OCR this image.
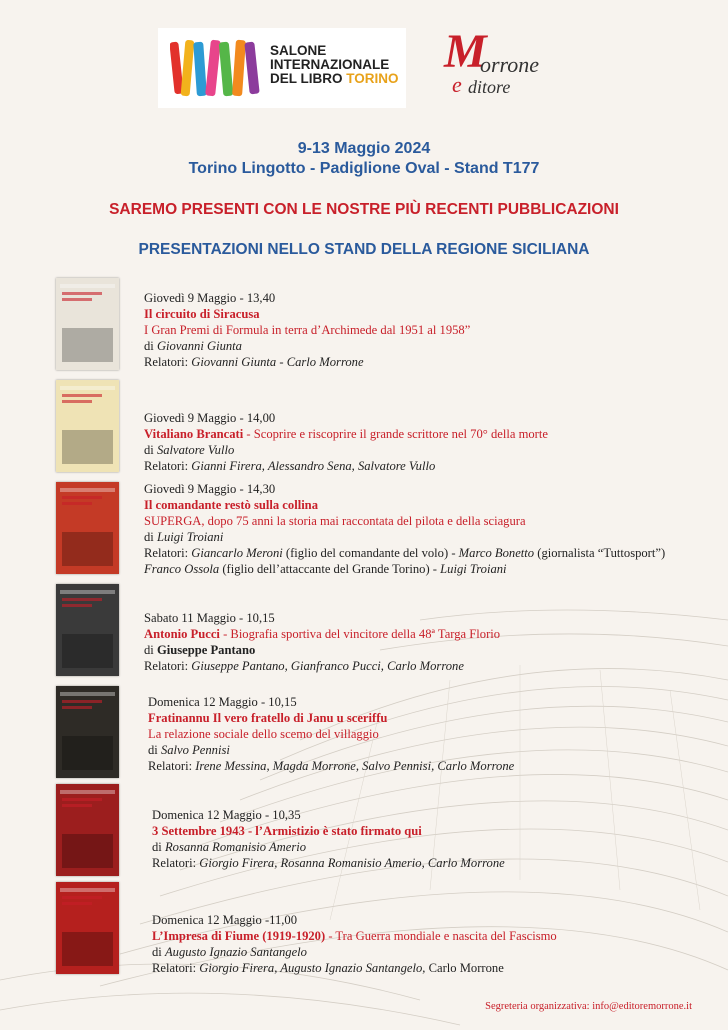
SALONE
INTERNAZIONALE
DEL LIBRO TORINO
M
orrone
e ditore
9-13 Maggio 2024
Torino Lingotto - Padiglione Oval - Stand T177
SAREMO PRESENTI CON LE NOSTRE PIÙ RECENTI PUBBLICAZIONI
PRESENTAZIONI NELLO STAND DELLA REGIONE SICILIANA
Giovedì 9 Maggio - 13,40
Il circuito di Siracusa
I Gran Premi di Formula in terra d’Archimede dal 1951 al 1958”
di Giovanni Giunta
Relatori: Giovanni Giunta - Carlo Morrone
Giovedì 9 Maggio - 14,00
Vitaliano Brancati - Scoprire e riscoprire il grande scrittore nel 70° della morte
di Salvatore Vullo
Relatori: Gianni Firera, Alessandro Sena, Salvatore Vullo
Giovedì 9 Maggio - 14,30
Il comandante restò sulla collina
SUPERGA, dopo 75 anni la storia mai raccontata del pilota e della sciagura
di Luigi Troiani
Relatori: Giancarlo Meroni (figlio del comandante del volo) - Marco Bonetto (giornalista “Tuttosport”)
Franco Ossola (figlio dell’attaccante del Grande Torino) - Luigi Troiani
Sabato 11 Maggio - 10,15
Antonio Pucci - Biografia sportiva del vincitore della 48ª Targa Florio
di Giuseppe Pantano
Relatori: Giuseppe Pantano, Gianfranco Pucci, Carlo Morrone
Domenica 12 Maggio - 10,15
Fratinannu Il vero fratello di Janu u sceriffu
La relazione sociale dello scemo del villaggio
di Salvo Pennisi
Relatori: Irene Messina, Magda Morrone, Salvo Pennisi, Carlo Morrone
Domenica 12 Maggio - 10,35
3 Settembre 1943 - l’Armistizio è stato firmato qui
di Rosanna Romanisio Amerio
Relatori: Giorgio Firera, Rosanna Romanisio Amerio, Carlo Morrone
Domenica 12 Maggio -11,00
L’Impresa di Fiume (1919-1920) - Tra Guerra mondiale e nascita del Fascismo
di Augusto Ignazio Santangelo
Relatori: Giorgio Firera, Augusto Ignazio Santangelo, Carlo Morrone
Segreteria organizzativa: info@editoremorrone.it
